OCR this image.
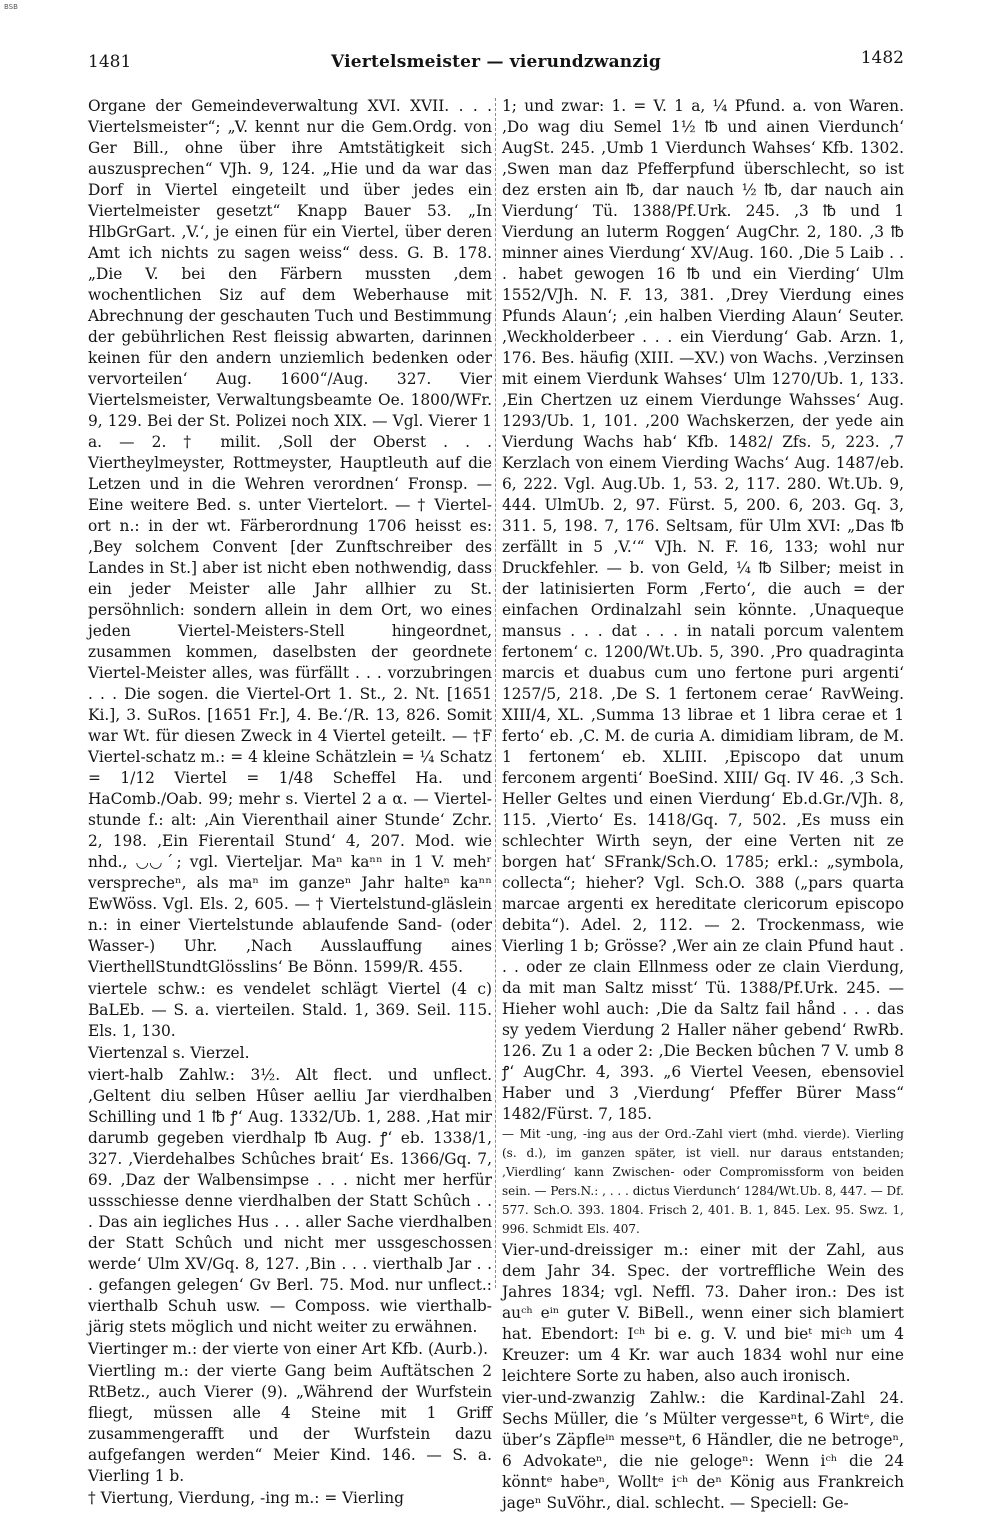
BSB
1481	Viertelsmeister — vierundzwanzig	1482

Organe der Gemeindeverwaltung XVI. XVII. . . . Viertelsmeister“; „V. kennt nur die Gem.Ordg. von Ger Bill., ohne über ihre Amtstätigkeit sich auszusprechen“ VJh. 9, 124. „Hie und da war das Dorf in Viertel eingeteilt und über jedes ein Viertelmeister gesetzt“ Knapp Bauer 53. „In HlbGrGart. ‚V.‘, je einen für ein Viertel, über deren Amt ich nichts zu sagen weiss“ dess. G. B. 178. „Die V. bei den Färbern mussten ‚dem wochentlichen Siz auf dem Weberhause mit Abrechnung der geschauten Tuch und Bestimmung der gebührlichen Rest fleissig abwarten, darinnen keinen für den andern unziemlich bedenken oder vervorteilen‘ Aug. 1600“/Aug. 327. Vier Viertelsmeister, Verwaltungsbeamte Oe. 1800/WFr. 9, 129. Bei der St. Polizei noch XIX. — Vgl. Vierer 1 a. — 2. † milit. ‚Soll der Oberst . . . Viertheylmeyster, Rottmeyster, Hauptleuth auf die Letzen und in die Wehren verordnen‘ Fronsp. — Eine weitere Bed. s. unter Viertelort. — † Viertel-ort n.: in der wt. Färberordnung 1706 heisst es: ‚Bey solchem Convent [der Zunftschreiber des Landes in St.] aber ist nicht eben nothwendig, dass ein jeder Meister alle Jahr allhier zu St. persöhnlich: sondern allein in dem Ort, wo eines jeden Viertel-Meisters-Stell hingeordnet, zusammen kommen, daselbsten der geordnete Viertel-Meister alles, was fürfällt . . . vorzubringen . . . Die sogen. die Viertel-Ort 1. St., 2. Nt. [1651 Ki.], 3. SuRos. [1651 Fr.], 4. Be.‘/R. 13, 826. Somit war Wt. für diesen Zweck in 4 Viertel geteilt. — †F Viertel-schatz m.: = 4 kleine Schätzlein = ¼ Schatz = 1/12 Viertel = 1/48 Scheffel Ha. und HaComb./Oab. 99; mehr s. Viertel 2 a α. — Viertel-stunde f.: alt: ‚Ain Vierenthail ainer Stunde‘ Zchr. 2, 198. ‚Ein Fierentail Stund‘ 4, 207. Mod. wie nhd., ◡◡ˊ; vgl. Vierteljar. Maⁿ kaⁿⁿ in 1 V. mehʳ versprecheⁿ, als maⁿ im ganzeⁿ Jahr halteⁿ kaⁿⁿ EwWöss. Vgl. Els. 2, 605. — † Viertelstund-gläslein n.: in einer Viertelstunde ablaufende Sand- (oder Wasser-) Uhr. ‚Nach Ausslauffung aines VierthellStundtGlösslins‘ Be Bönn. 1599/R. 455.

viertele schw.: es vendelet schlägt Viertel (4 c) BaLEb. — S. a. vierteilen. Stald. 1, 369. Seil. 115. Els. 1, 130.

Viertenzal s. Vierzel.

viert-halb Zahlw.: 3½. Alt flect. und unflect. ‚Geltent diu selben Hûser aelliu Jar vierdhalben Schilling und 1 ℔ ꝭ‘ Aug. 1332/Ub. 1, 288. ‚Hat mir darumb gegeben vierdhalp ℔ Aug. ꝭ‘ eb. 1338/1, 327. ‚Vierdehalbes Schûches brait‘ Es. 1366/Gq. 7, 69. ‚Daz der Walbensimpse . . . nicht mer herfür ussschiesse denne vierdhalben der Statt Schûch . . . Das ain iegliches Hus . . . aller Sache vierdhalben der Statt Schûch und nicht mer ussgeschossen werde‘ Ulm XV/Gq. 8, 127. ‚Bin . . . vierthalb Jar . . . gefangen gelegen‘ Gv Berl. 75. Mod. nur unflect.: vierthalb Schuh usw. — Composs. wie vierthalb-järig stets möglich und nicht weiter zu erwähnen.

Viertinger m.: der vierte von einer Art Kfb. (Aurb.).

Viertling m.: der vierte Gang beim Auftätschen 2 RtBetz., auch Vierer (9). „Während der Wurfstein fliegt, müssen alle 4 Steine mit 1 Griff zusammengerafft und der Wurfstein dazu aufgefangen werden“ Meier Kind. 146. — S. a. Vierling 1 b.

† Viertung, Vierdung, -ing m.: = Vierling

1; und zwar: 1. = V. 1 a, ¼ Pfund. a. von Waren. ‚Do wag diu Semel 1½ ℔ und ainen Vierdunch‘ AugSt. 245. ‚Umb 1 Vierdunch Wahses‘ Kfb. 1302. ‚Swen man daz Pfefferpfund überschlecht, so ist dez ersten ain ℔, dar nauch ½ ℔, dar nauch ain Vierdung‘ Tü. 1388/Pf.Urk. 245. ‚3 ℔ und 1 Vierdung an luterm Roggen‘ AugChr. 2, 180. ‚3 ℔ minner aines Vierdung‘ XV/Aug. 160. ‚Die 5 Laib . . . habet gewogen 16 ℔ und ein Vierding‘ Ulm 1552/VJh. N. F. 13, 381. ‚Drey Vierdung eines Pfunds Alaun‘; ‚ein halben Vierding Alaun‘ Seuter. ‚Weckholderbeer . . . ein Vierdung‘ Gab. Arzn. 1, 176. Bes. häufig (XIII. —XV.) von Wachs. ‚Verzinsen mit einem Vierdunk Wahses‘ Ulm 1270/Ub. 1, 133. ‚Ein Chertzen uz einem Vierdunge Wahsses‘ Aug. 1293/Ub. 1, 101. ‚200 Wachskerzen, der yede ain Vierdung Wachs hab‘ Kfb. 1482/ Zfs. 5, 223. ‚7 Kerzlach von einem Vierding Wachs‘ Aug. 1487/eb. 6, 222. Vgl. Aug.Ub. 1, 53. 2, 117. 280. Wt.Ub. 9, 444. UlmUb. 2, 97. Fürst. 5, 200. 6, 203. Gq. 3, 311. 5, 198. 7, 176. Seltsam, für Ulm XVI: „Das ℔ zerfällt in 5 ‚V.‘“ VJh. N. F. 16, 133; wohl nur Druckfehler. — b. von Geld, ¼ ℔ Silber; meist in der latinisierten Form ‚Ferto‘, die auch = der einfachen Ordinalzahl sein könnte. ‚Unaqueque mansus . . . dat . . . in natali porcum valentem fertonem‘ c. 1200/Wt.Ub. 5, 390. ‚Pro quadraginta marcis et duabus cum uno fertone puri argenti‘ 1257/5, 218. ‚De S. 1 fertonem cerae‘ RavWeing. XIII/4, XL. ‚Summa 13 librae et 1 libra cerae et 1 ferto‘ eb. ‚C. M. de curia A. dimidiam libram, de M. 1 fertonem‘ eb. XLIII. ‚Episcopo dat unum ferconem argenti‘ BoeSind. XIII/ Gq. IV 46. ‚3 Sch. Heller Geltes und einen Vierdung‘ Eb.d.Gr./VJh. 8, 115. ‚Vierto‘ Es. 1418/Gq. 7, 502. ‚Es muss ein schlechter Wirth seyn, der eine Verten nit ze borgen hat‘ SFrank/Sch.O. 1785; erkl.: „symbola, collecta“; hieher? Vgl. Sch.O. 388 („pars quarta marcae argenti ex hereditate clericorum episcopo debita“). Adel. 2, 112. — 2. Trockenmass, wie Vierling 1 b; Grösse? ‚Wer ain ze clain Pfund haut . . . oder ze clain Ellnmess oder ze clain Vierdung, da mit man Saltz misst‘ Tü. 1388/Pf.Urk. 245. — Hieher wohl auch: ‚Die da Saltz fail hånd . . . das sy yedem Vierdung 2 Haller näher gebend‘ RwRb. 126. Zu 1 a oder 2: ‚Die Becken bûchen 7 V. umb 8 ꝭ‘ AugChr. 4, 393. „6 Viertel Veesen, ebensoviel Haber und 3 ‚Vierdung‘ Pfeffer Bürer Mass“ 1482/Fürst. 7, 185.

— Mit -ung, -ing aus der Ord.-Zahl viert (mhd. vierde). Vierling (s. d.), im ganzen später, ist viell. nur daraus entstanden; ‚Vierdling‘ kann Zwischen- oder Compromissform von beiden sein. — Pers.N.: , . . . dictus Vierdunch‘ 1284/Wt.Ub. 8, 447. — Df. 577. Sch.O. 393. 1804. Frisch 2, 401. B. 1, 845. Lex. 95. Swz. 1, 996. Schmidt Els. 407.

Vier-und-dreissiger m.: einer mit der Zahl, aus dem Jahr 34. Spec. der vortreffliche Wein des Jahres 1834; vgl. Neffl. 73. Daher iron.: Des ist auᶜʰ eⁱⁿ guter V. BiBell., wenn einer sich blamiert hat. Ebendort: Iᶜʰ bi e. g. V. und bieᵗ miᶜʰ um 4 Kreuzer: um 4 Kr. war auch 1834 wohl nur eine leichtere Sorte zu haben, also auch ironisch.

vier-und-zwanzig Zahlw.: die Kardinal-Zahl 24. Sechs Müller, die ’s Mülter vergesseⁿt, 6 Wirtᵉ, die über’s Zäpfleⁱⁿ messeⁿt, 6 Händler, die ne betrogeⁿ, 6 Advokateⁿ, die nie gelogeⁿ: Wenn iᶜʰ die 24 könntᵉ habeⁿ, Wolltᵉ iᶜʰ deⁿ König aus Frankreich jageⁿ SuVöhr., dial. schlecht. — Speciell: Ge-
